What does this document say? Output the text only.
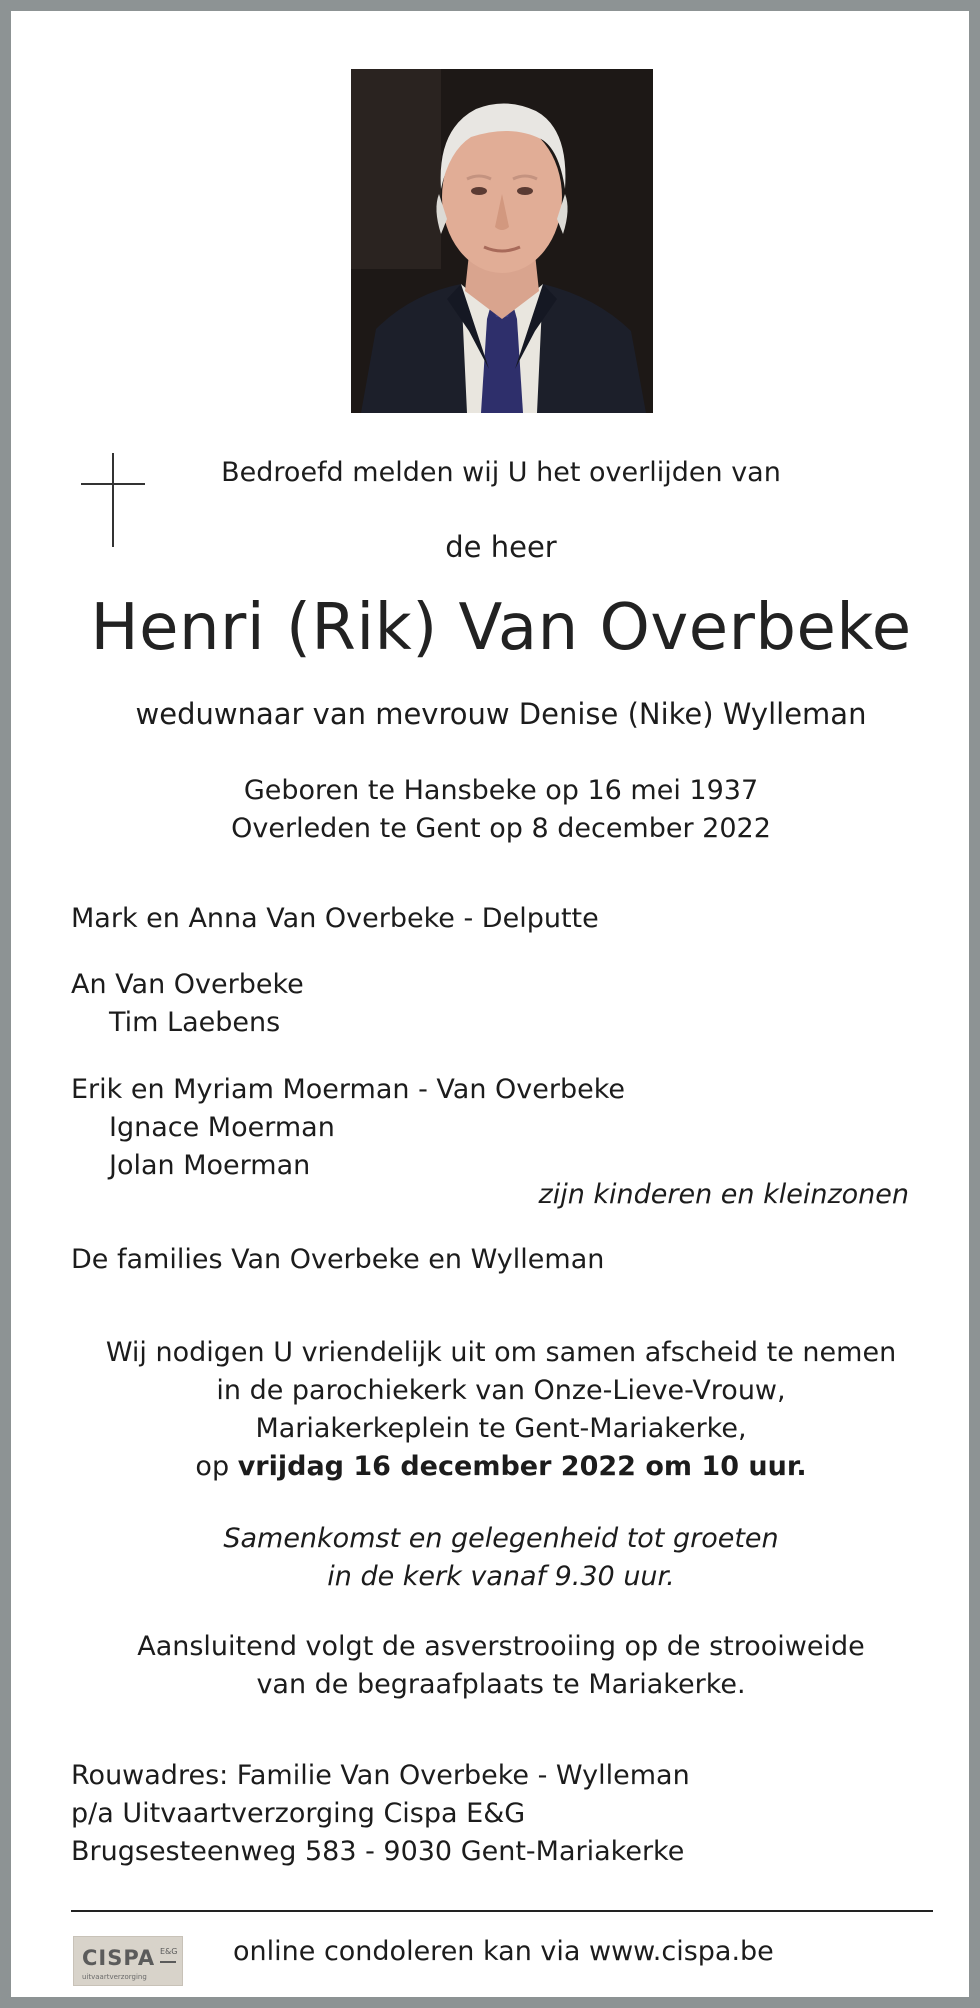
Bedroefd melden wij U het overlijden van
de heer
Henri (Rik) Van Overbeke
weduwnaar van mevrouw Denise (Nike) Wylleman
Geboren te Hansbeke op 16 mei 1937
Overleden te Gent op 8 december 2022
Mark en Anna Van Overbeke - Delputte
An Van Overbeke
Tim Laebens
Erik en Myriam Moerman - Van Overbeke
Ignace Moerman
Jolan Moerman
zijn kinderen en kleinzonen
De families Van Overbeke en Wylleman
Wij nodigen U vriendelijk uit om samen afscheid te nemen
in de parochiekerk van Onze-Lieve-Vrouw,
Mariakerkeplein te Gent-Mariakerke,
op vrijdag 16 december 2022 om 10 uur.
Samenkomst en gelegenheid tot groeten
in de kerk vanaf 9.30 uur.
Aansluitend volgt de asverstrooiing op de strooiweide
van de begraafplaats te Mariakerke.
Rouwadres: Familie Van Overbeke - Wylleman
p/a Uitvaartverzorging Cispa E&G
Brugsesteenweg 583 - 9030 Gent-Mariakerke
CISPA E&G
uitvaartverzorging
online condoleren kan via www.cispa.be
